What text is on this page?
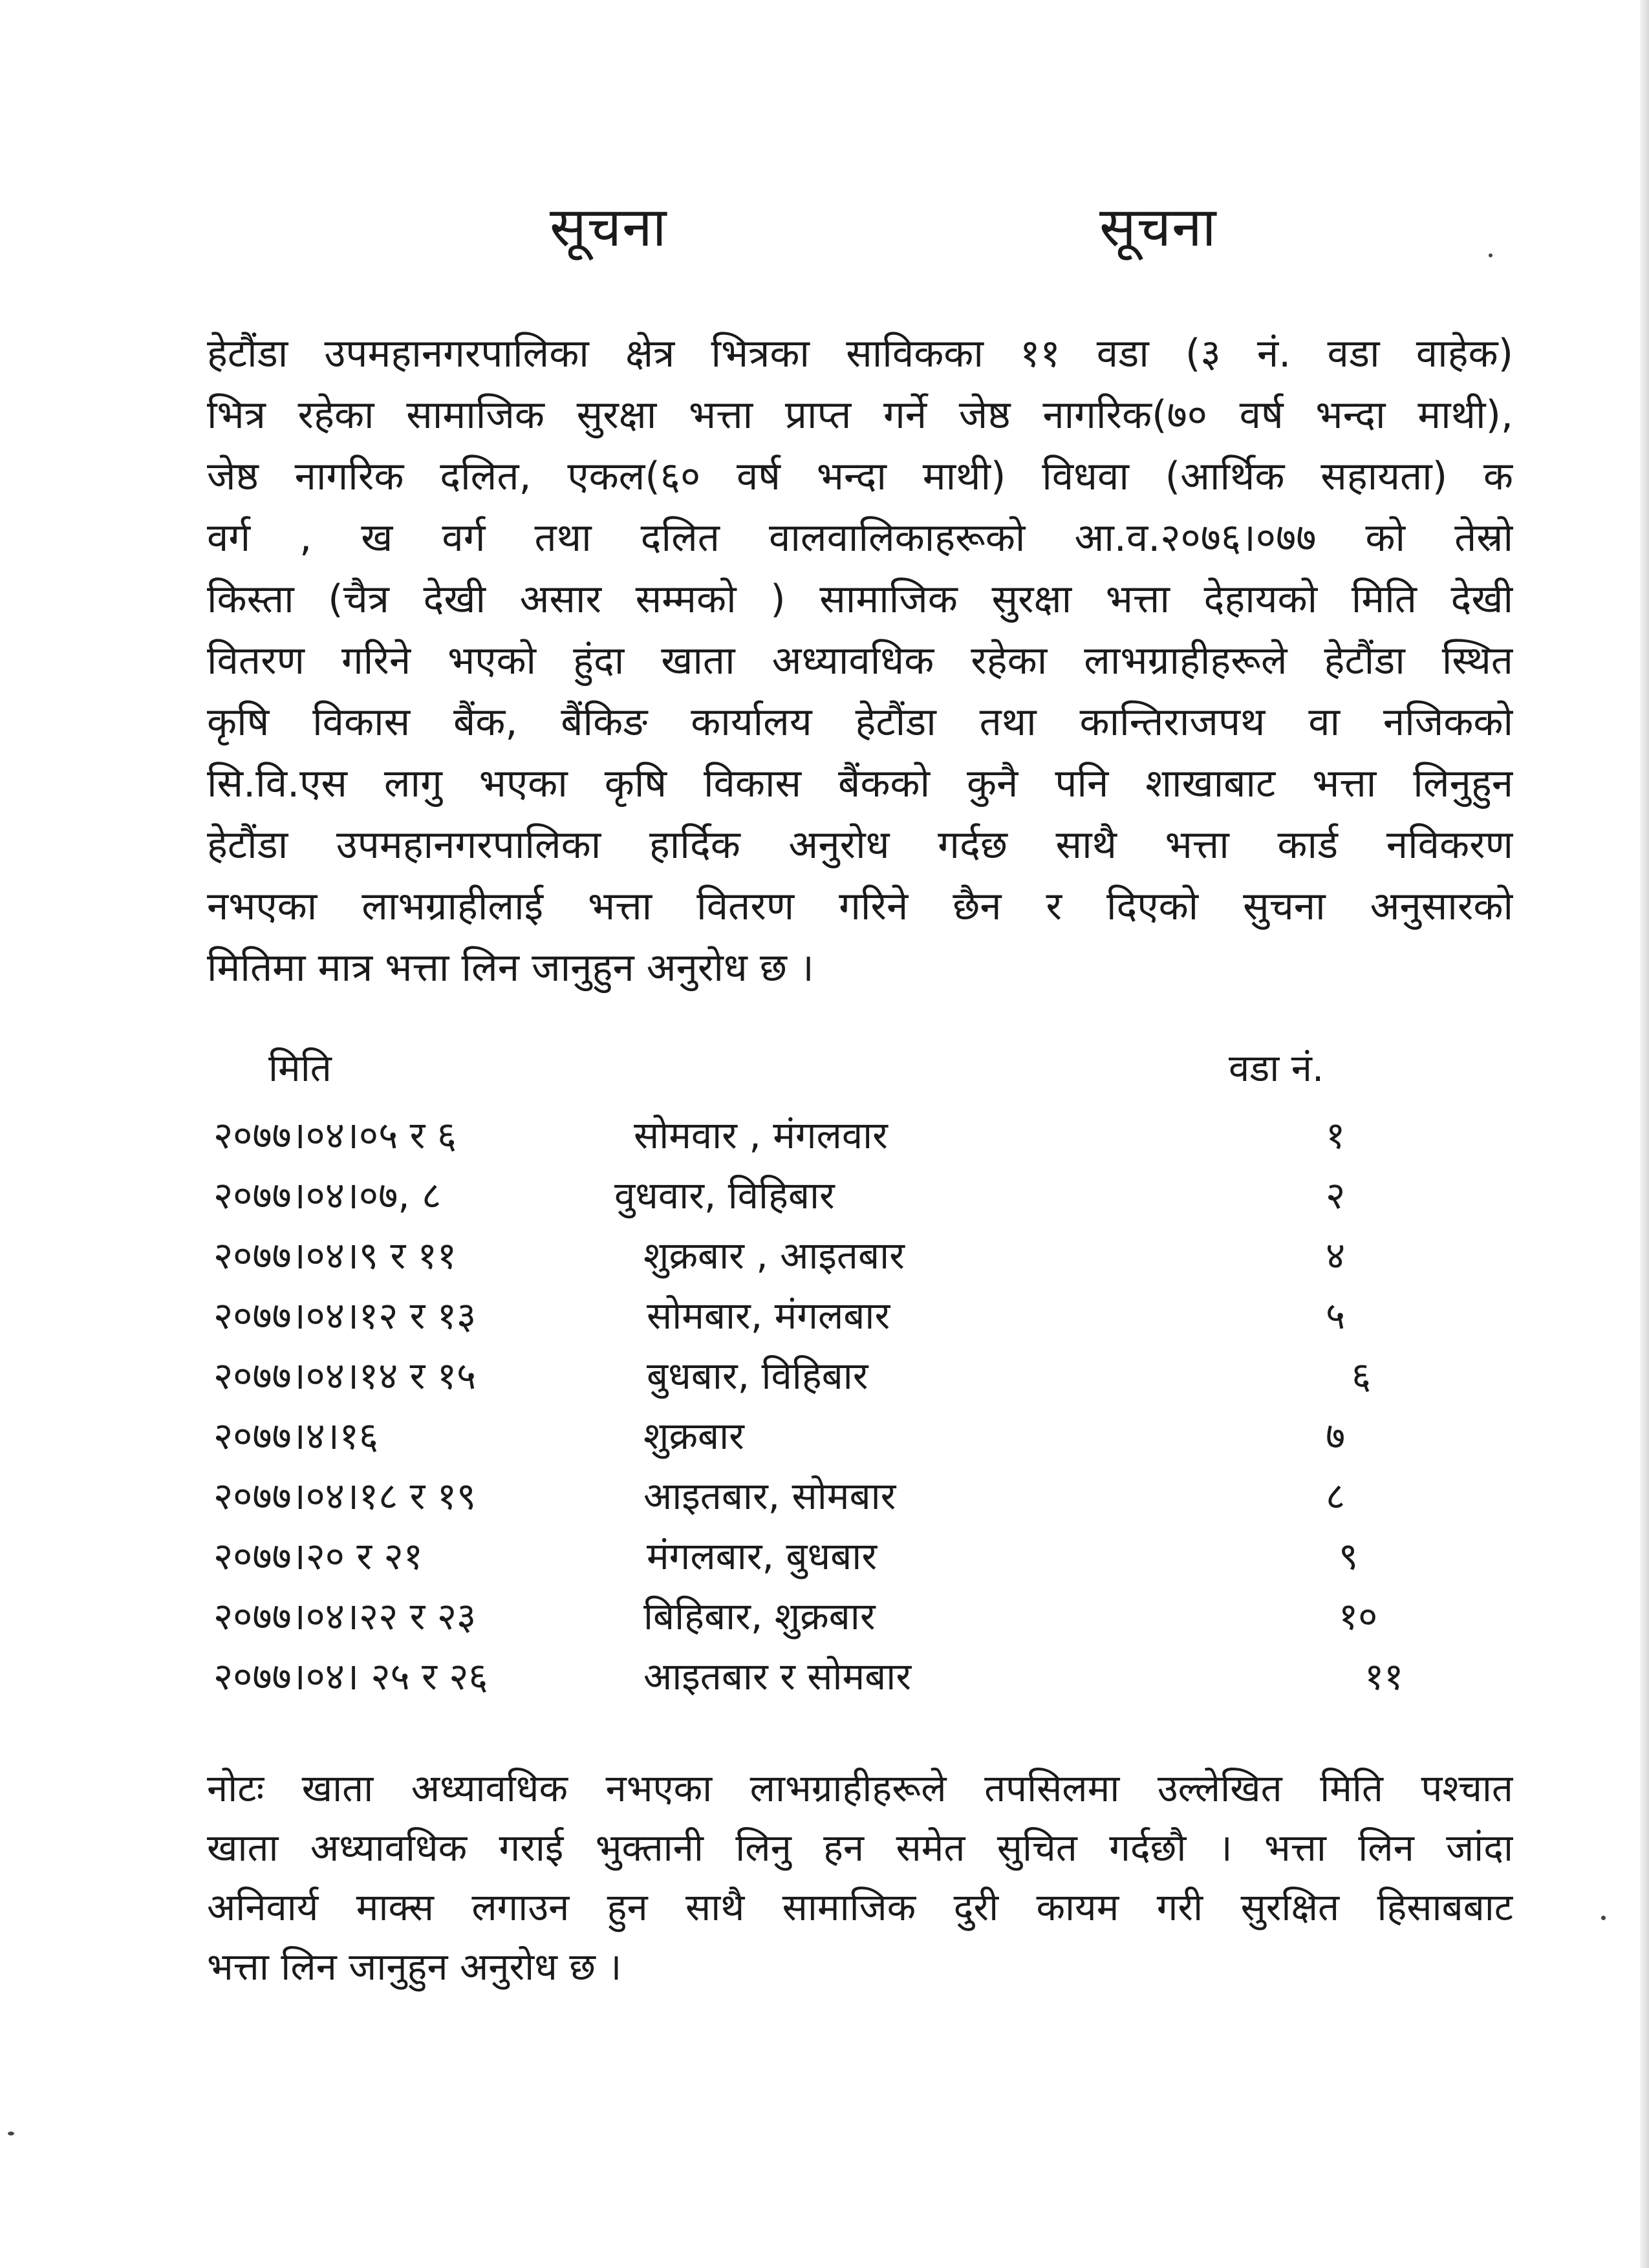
सूचना	सूचना
हेटौंडा उपमहानगरपालिका क्षेत्र भित्रका साविकका ११ वडा (३ नं. वडा वाहेक)
भित्र रहेका सामाजिक सुरक्षा भत्ता प्राप्त गर्ने जेष्ठ नागरिक(७० वर्ष भन्दा माथी),
जेष्ठ नागरिक दलित, एकल(६० वर्ष भन्दा माथी) विधवा (आर्थिक सहायता) क
वर्ग , ख वर्ग तथा दलित वालवालिकाहरूको आ.व.२०७६।०७७ को तेस्रो
किस्ता (चैत्र देखी असार सम्मको ) सामाजिक सुरक्षा भत्ता देहायको मिति देखी
वितरण गरिने भएको हुंदा खाता अध्यावधिक रहेका लाभग्राहीहरूले हेटौंडा स्थित
कृषि विकास बैंक, बैंकिङ कार्यालय हेटौंडा तथा कान्तिराजपथ वा नजिकको
सि.वि.एस लागु भएका कृषि विकास बैंकको कुनै पनि शाखाबाट भत्ता लिनुहुन
हेटौंडा उपमहानगरपालिका हार्दिक अनुरोध गर्दछ साथै भत्ता कार्ड नविकरण
नभएका लाभग्राहीलाई भत्ता वितरण गरिने छैन र दिएको सुचना अनुसारको
मितिमा मात्र भत्ता लिन जानुहुन अनुरोध छ ।
मिति	वडा नं.
२०७७।०४।०५ र ६	सोमवार , मंगलवार	१
२०७७।०४।०७, ८	वुधवार, विहिबार	२
२०७७।०४।९ र ११	शुक्रबार , आइतबार	४
२०७७।०४।१२ र १३	सोमबार, मंगलबार	५
२०७७।०४।१४ र १५	बुधबार, विहिबार	६
२०७७।४।१६	शुक्रबार	७
२०७७।०४।१८ र १९	आइतबार, सोमबार	८
२०७७।२० र २१	मंगलबार, बुधबार	९
२०७७।०४।२२ र २३	बिहिबार, शुक्रबार	१०
२०७७।०४। २५ र २६	आइतबार र सोमबार	११
नोटः खाता अध्यावधिक नभएका लाभग्राहीहरूले तपसिलमा उल्लेखित मिति पश्चात
खाता अध्यावधिक गराई भुक्तानी लिनु हन समेत सुचित गर्दछौ । भत्ता लिन जांदा
अनिवार्य माक्स लगाउन हुन साथै सामाजिक दुरी कायम गरी सुरक्षित हिसाबबाट
भत्ता लिन जानुहुन अनुरोध छ ।
